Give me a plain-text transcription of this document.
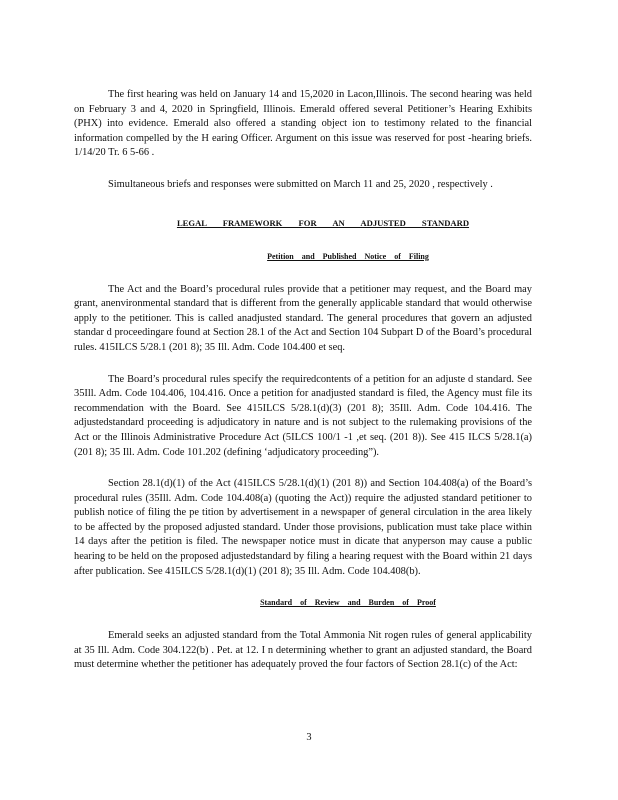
The first hearing was held on January 14 and 15,2020 in Lacon,Illinois. The second hearing was held on February 3 and 4, 2020 in Springfield, Illinois. Emerald offered several Petitioner’s Hearing Exhibits (PHX) into evidence. Emerald also offered a standing object ion to testimony related to the financial information compelled by the H earing Officer. Argument on this issue was reserved for post -hearing briefs. 1/14/20 Tr. 6 5-66 .

Simultaneous briefs and responses were submitted on March 11 and 25, 2020 , respectively .

LEGAL FRAMEWORK FOR AN ADJUSTED STANDARD
Petition and Published Notice of Filing

The Act and the Board’s procedural rules provide that a petitioner may request, and the Board may grant, anenvironmental standard that is different from the generally applicable standard that would otherwise apply to the petitioner. This is called anadjusted standard. The general procedures that govern an adjusted standar d proceedingare found at Section 28.1 of the Act and Section 104 Subpart D of the Board’s procedural rules. 415ILCS 5/28.1 (201 8); 35 Ill. Adm. Code 104.400 et seq.

The Board’s procedural rules specify the requiredcontents of a petition for an adjuste d standard. See 35Ill. Adm. Code 104.406, 104.416. Once a petition for anadjusted standard is filed, the Agency must file its recommendation with the Board. See 415ILCS 5/28.1(d)(3) (201 8); 35Ill. Adm. Code 104.416. The adjustedstandard proceeding is adjudicatory in nature and is not subject to the rulemaking provisions of the Act or the Illinois Administrative Procedure Act (5ILCS 100/1 -1 ,et seq. (201 8)). See 415 ILCS 5/28.1(a) (201 8); 35 Ill. Adm. Code 101.202 (defining ‘adjudicatory proceeding”).

Section 28.1(d)(1) of the Act (415ILCS 5/28.1(d)(1) (201 8)) and Section 104.408(a) of the Board’s procedural rules (35Ill. Adm. Code 104.408(a) (quoting the Act)) require the adjusted standard petitioner to publish notice of filing the pe tition by advertisement in a newspaper of general circulation in the area likely to be affected by the proposed adjusted standard. Under those provisions, publication must take place within 14 days after the petition is filed. The newspaper notice must in dicate that anyperson may cause a public hearing to be held on the proposed adjustedstandard by filing a hearing request with the Board within 21 days after publication. See 415ILCS 5/28.1(d)(1) (201 8); 35 Ill. Adm. Code 104.408(b).

Standard of Review and Burden of Proof

Emerald seeks an adjusted standard from the Total Ammonia Nit rogen rules of general applicability at 35 Ill. Adm. Code 304.122(b) . Pet. at 12. I n determining whether to grant an adjusted standard, the Board must determine whether the petitioner has adequately proved the four factors of Section 28.1(c) of the Act:

3
